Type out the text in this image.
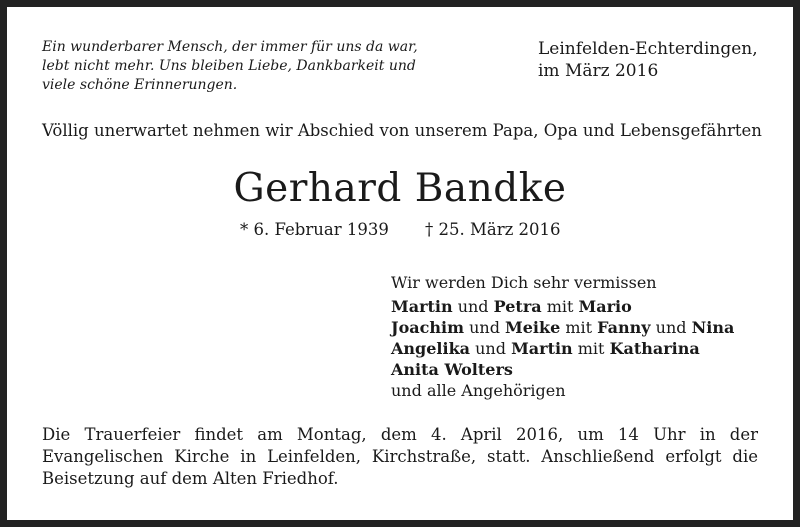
Ein wunderbarer Mensch, der immer für uns da war,
lebt nicht mehr. Uns bleiben Liebe, Dankbarkeit und
viele schöne Erinnerungen.
Leinfelden-Echterdingen,
im März 2016
Völlig unerwartet nehmen wir Abschied von unserem Papa, Opa und Lebensgefährten
Gerhard Bandke
* 6. Februar 1939 † 25. März 2016
Wir werden Dich sehr vermissen
Martin und Petra mit Mario
Joachim und Meike mit Fanny und Nina
Angelika und Martin mit Katharina
Anita Wolters
und alle Angehörigen
Die Trauerfeier findet am Montag, dem 4. April 2016, um 14 Uhr in der Evangelischen Kirche in Leinfelden, Kirchstraße, statt. Anschließend erfolgt die Beisetzung auf dem Alten Friedhof.
